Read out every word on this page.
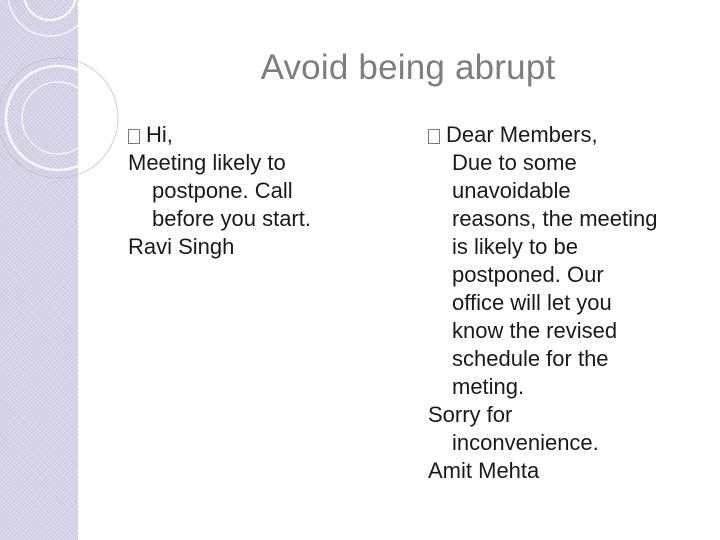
Avoid being abrupt
Hi,
Meeting likely to
postpone. Call
before you start.
Ravi Singh
Dear Members,
Due to some
unavoidable
reasons, the meeting
is likely to be
postponed. Our
office will let you
know the revised
schedule for the
meting.
Sorry for
inconvenience.
Amit Mehta
